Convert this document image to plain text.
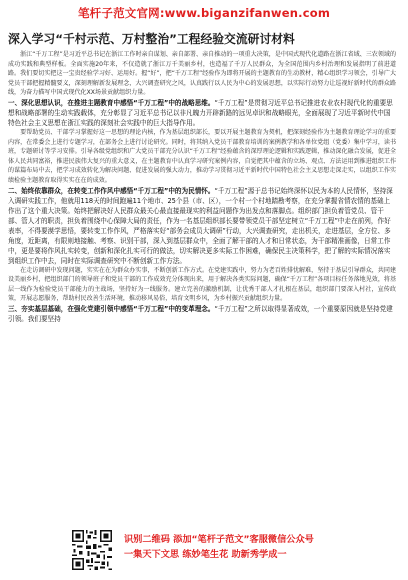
笔杆子范文官网:www.biganzifanwen.com
深入学习“千村示范、万村整治”工程经验交流研讨材料

浙江“千万工程”是习近平总书记在浙江工作时亲自谋划、亲自部署、亲自推动的一项重大决策，是中国式现代化道路在浙江省域、三农领域的成功实践和典型样板。全面实施20年来，不仅造就了浙江万千美丽乡村，也造福了千万人民群众，为全国范围内乡村治理和发展指明了前进道路。我们要切实把这一宝贵经验学习好、运用好。握“好”，把“千万工程”经验作为即将开展的主题教育的生动教材，精心组织学习领会，引导广大党员干部把握精髓要义，深刻理解新发展理念，大兴调查研究之风，认真践行以人民为中心的发展思想，以实际行动努力让巡视好新时代的群众路线，为奋力描写中国式现代化XX场景贡献组织力量。

一、深化思想认识，在推进主题教育中感悟“千万工程”中的战略思维。“千万工程”是贯彻习近平总书记推进农业农村现代化的重要思想和战略部署的生动实践载体，充分彰显了习近平总书记以非凡魄力开辟新路的远见卓识和战略眼光，全面展现了习近平新时代中国特色社会主义思想在浙江实践的深刻社会实践中的巨大指导作用。

要帮助党员、干部学习掌握好这一思想的理论内核，作为基层组织部长，要以开展主题教育为契机，把深刻经验作为主题教育理论学习的重要内容，在常委会上进行专题学习，在部务会上进行讨论研究。同时，将其纳入党员干部教育培训的案例教学和各单位党组（党委）集中学习，读书班，专题研讨等学习安排。引导各级党组织和广大党员干部充分认识“千万工程”经验蕴含的深厚理论逻辑和实践逻辑，推动深化融合发展，促进全体人民共同富裕，推进民族伟大复兴的重大意义，在主题教育中认真学习研究案例内容，自觉把其中蕴含的立场、观点、方法运用到推进组织工作的谋篇布局中去，把学习成效转化为解决问题、促进发展的强大动力，推动学习贯彻习近平新时代中国特色社会主义思想走深走实，以组织工作实绩检验主题教育取得实实在在的成效。

二、始终依靠群众，在转变工作作风中感悟“千万工程”中的为民情怀。“千万工程”源于总书记始终深怀以民为本的人民情怀，坚持深入调研实践工作，他就用118天的时间跑遍11个地市、25个县（市、区），一个村一个村地踏勘考察，在充分掌握省情农情的基础上作出了这个重大决策。始终把解决好人民群众最关心最直接最现实的利益问题作为出发点和落脚点。组织部门担负着管党员、管干部、管人才的职责，担负着围绕中心保障大局的责任，作为一名基层组织部长要带领党员干部坚定树立“千万工程”中走在前列，作好表率，不得要漠学思悟，要转变工作作风，严格落实好“部务会成员大调研”行动，大兴调查研究，走出机关，走进基层，全方位、多角度，近距离，有限则地接触、考察、识别干部，深入到基层群众中，全面了解干部的人才和日常状态，为干部精准画像，日常工作中，更是要将作风扎实转变，创新和深化扎实可行的做法，切实解决更多实际工作困难，确保民主决策科学，把了解的实际情况落实到组织工作中去，同时在实际调查研究中不断创新工作方法。

在走访调研中发现问题，实实在在为群众办实事，不断创新工作方式。在党建实践中，努力为老百姓排忧解难，坚持于基层引导群众，共同建设美丽乡村，把组织部门的领导班子和党员干部的工作成效充分体现出来，用于解决各类实际问题，确保“千万工程”各项目标任务落地见效，将基层一线作为检验党员干部能力的主战场，坚持好为一线服务。建立完善的激励机制，让优秀干部人才扎根在基层，组织部门要深入村社，宣传政策，开展志愿服务，帮助村民改善生活环境，推动移风易俗，培育文明乡风，为乡村振兴贡献组织力量。

三、夯实基层基础，在强化党建引领中感悟“千万工程”中的变革理念。“千万工程”之所以取得显著成效，一个重要原因就是坚持党建引领。我们要坚持

识别二维码 添加“笔杆子范文”客服微信公众号
一集天下文思 练妙笔生花 助新秀学成一
